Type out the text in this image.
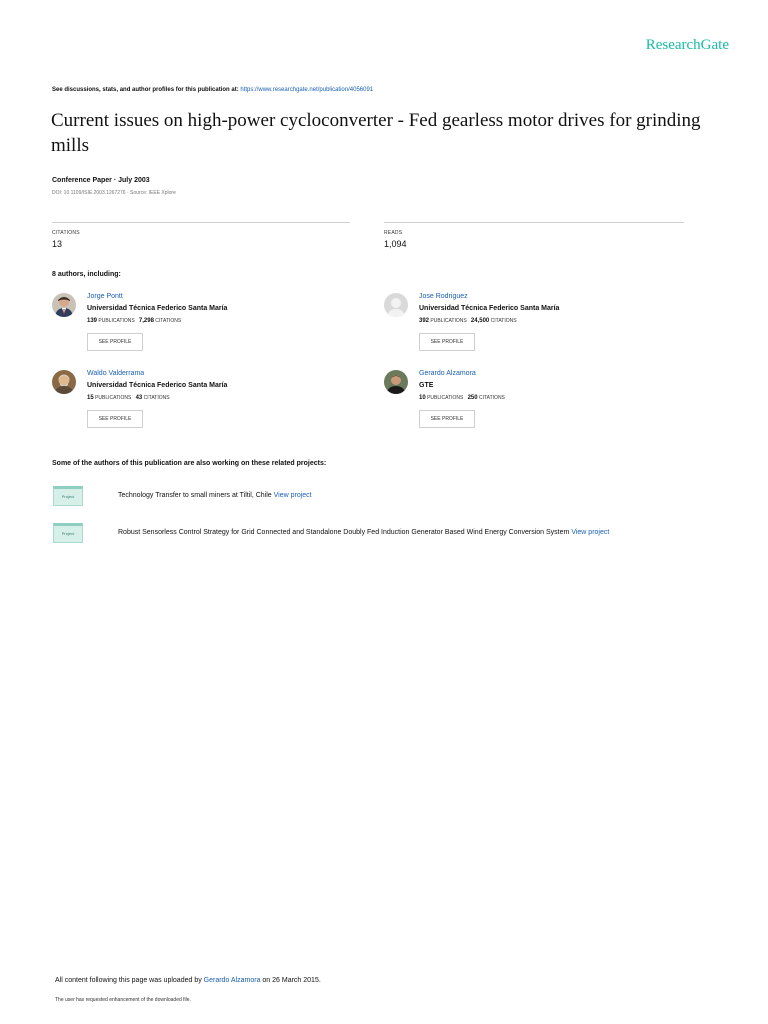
ResearchGate
See discussions, stats, and author profiles for this publication at: https://www.researchgate.net/publication/4056091
Current issues on high-power cycloconverter - Fed gearless motor drives for grinding mills
Conference Paper · July 2003
DOI: 10.1109/ISIE.2003.1267276 · Source: IEEE Xplore
CITATIONS
13
READS
1,094
8 authors, including:
Jorge Pontt
Universidad Técnica Federico Santa María
139 PUBLICATIONS 7,298 CITATIONS
SEE PROFILE
Jose Rodriguez
Universidad Técnica Federico Santa María
392 PUBLICATIONS 24,500 CITATIONS
SEE PROFILE
Waldo Valderrama
Universidad Técnica Federico Santa María
15 PUBLICATIONS 43 CITATIONS
SEE PROFILE
Gerardo Alzamora
GTE
10 PUBLICATIONS 250 CITATIONS
SEE PROFILE
Some of the authors of this publication are also working on these related projects:
Project	Technology Transfer to small miners at Tiltil, Chile View project
Project	Robust Sensorless Control Strategy for Grid Connected and Standalone Doubly Fed Induction Generator Based Wind Energy Conversion System View project
All content following this page was uploaded by Gerardo Alzamora on 26 March 2015.
The user has requested enhancement of the downloaded file.
